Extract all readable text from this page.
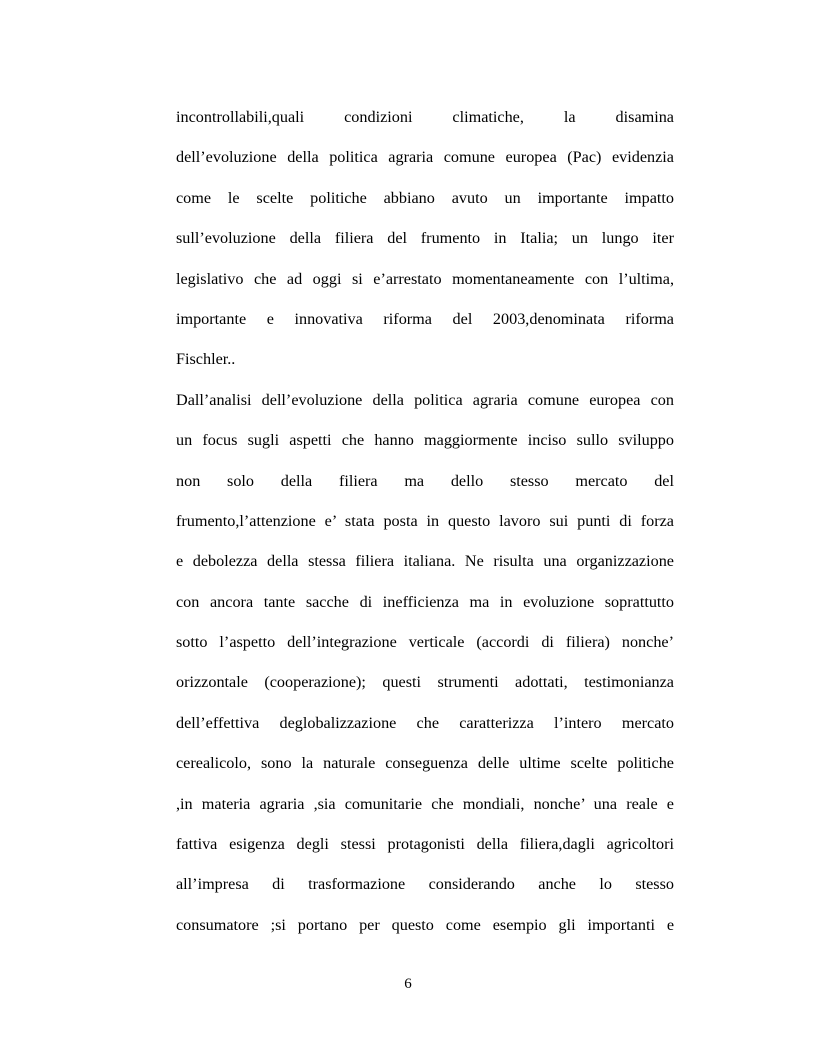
incontrollabili,quali condizioni climatiche, la disamina
dell’evoluzione della politica agraria comune europea (Pac) evidenzia
come le scelte politiche abbiano avuto un importante impatto
sull’evoluzione della filiera del frumento in Italia; un lungo iter
legislativo che ad oggi si e’arrestato momentaneamente con l’ultima,
importante e innovativa riforma del 2003,denominata riforma
Fischler..
Dall’analisi dell’evoluzione della politica agraria comune europea con
un focus sugli aspetti che hanno maggiormente inciso sullo sviluppo
non solo della filiera ma dello stesso mercato del
frumento,l’attenzione e’ stata posta in questo lavoro sui punti di forza
e debolezza della stessa filiera italiana. Ne risulta una organizzazione
con ancora tante sacche di inefficienza ma in evoluzione soprattutto
sotto l’aspetto dell’integrazione verticale (accordi di filiera) nonche’
orizzontale (cooperazione); questi strumenti adottati, testimonianza
dell’effettiva deglobalizzazione che caratterizza l’intero mercato
cerealicolo, sono la naturale conseguenza delle ultime scelte politiche
,in materia agraria ,sia comunitarie che mondiali, nonche’ una reale e
fattiva esigenza degli stessi protagonisti della filiera,dagli agricoltori
all’impresa di trasformazione considerando anche lo stesso
consumatore ;si portano per questo come esempio gli importanti e
6
